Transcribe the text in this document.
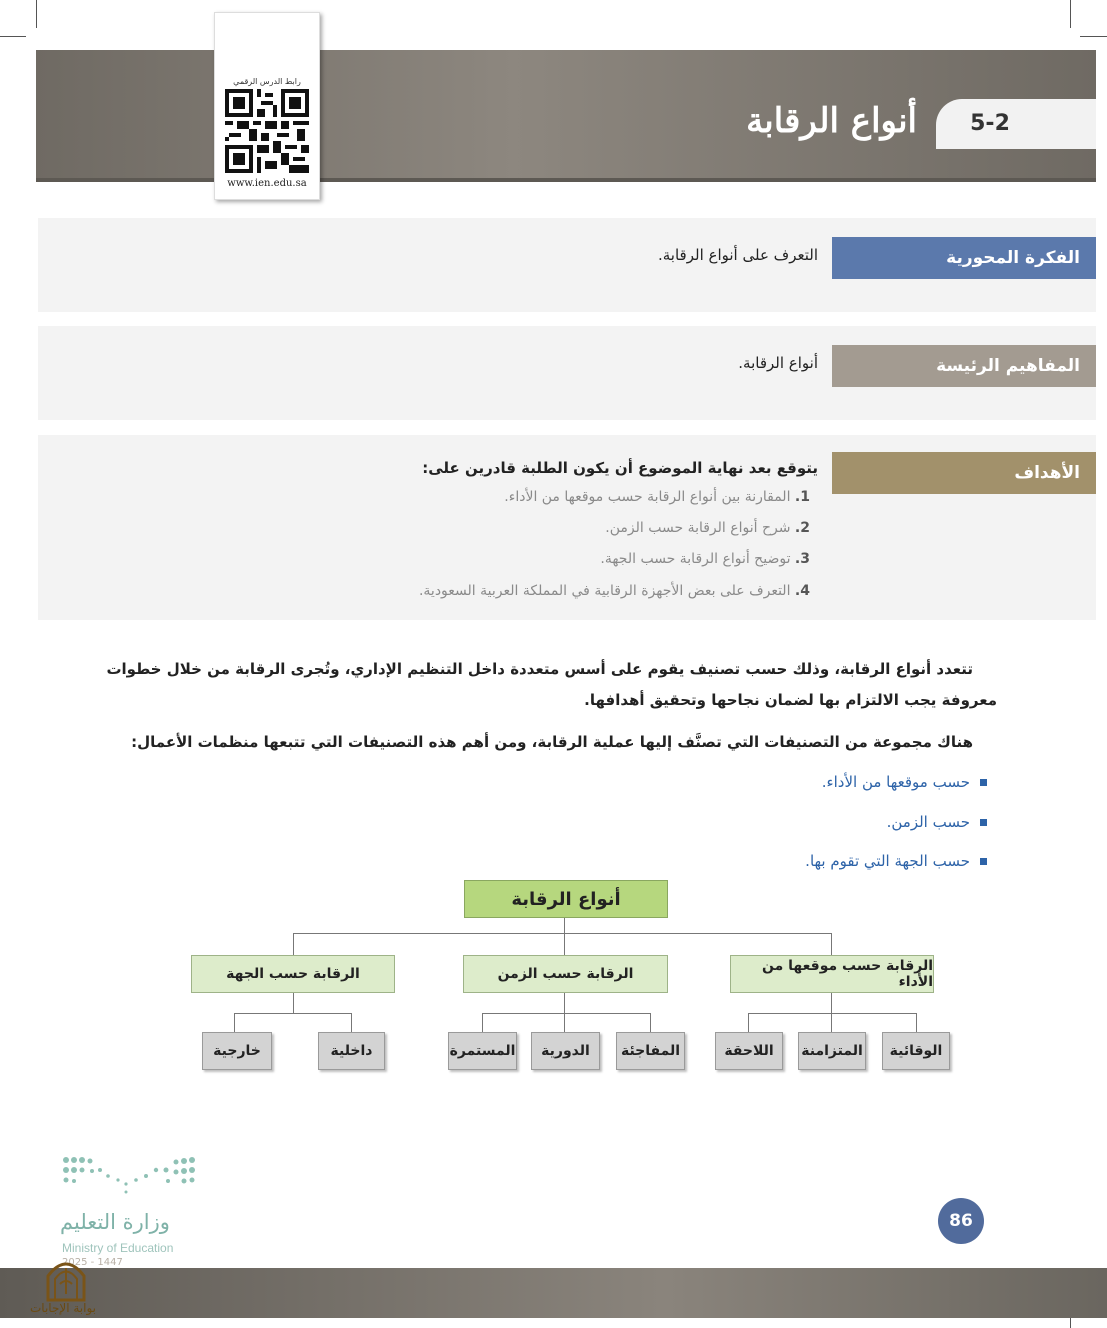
5-2
أنواع الرقابة
رابط الدرس الرقمي
www.ien.edu.sa
الفكرة المحورية
التعرف على أنواع الرقابة.
المفاهيم الرئيسة
أنواع الرقابة.
الأهداف
يتوقع بعد نهاية الموضوع أن يكون الطلبة قادرين على:
1. المقارنة بين أنواع الرقابة حسب موقعها من الأداء.
2. شرح أنواع الرقابة حسب الزمن.
3. توضيح أنواع الرقابة حسب الجهة.
4. التعرف على بعض الأجهزة الرقابية في المملكة العربية السعودية.
تتعدد أنواع الرقابة، وذلك حسب تصنيف يقوم على أسس متعددة داخل التنظيم الإداري، وتُجرى الرقابة من خلال خطوات
معروفة يجب الالتزام بها لضمان نجاحها وتحقيق أهدافها.
هناك مجموعة من التصنيفات التي تصنَّف إليها عملية الرقابة، ومن أهم هذه التصنيفات التي تتبعها منظمات الأعمال:
حسب موقعها من الأداء.
حسب الزمن.
حسب الجهة التي تقوم بها.
أنواع الرقابة
الرقابة حسب موقعها من الأداء
الرقابة حسب الزمن
الرقابة حسب الجهة
الوقائية
المتزامنة
اللاحقة
المفاجئة
الدورية
المستمرة
داخلية
خارجية
وزارة التعليم
Ministry of Education
2025 - 1447
86
بوابة الإجابات
